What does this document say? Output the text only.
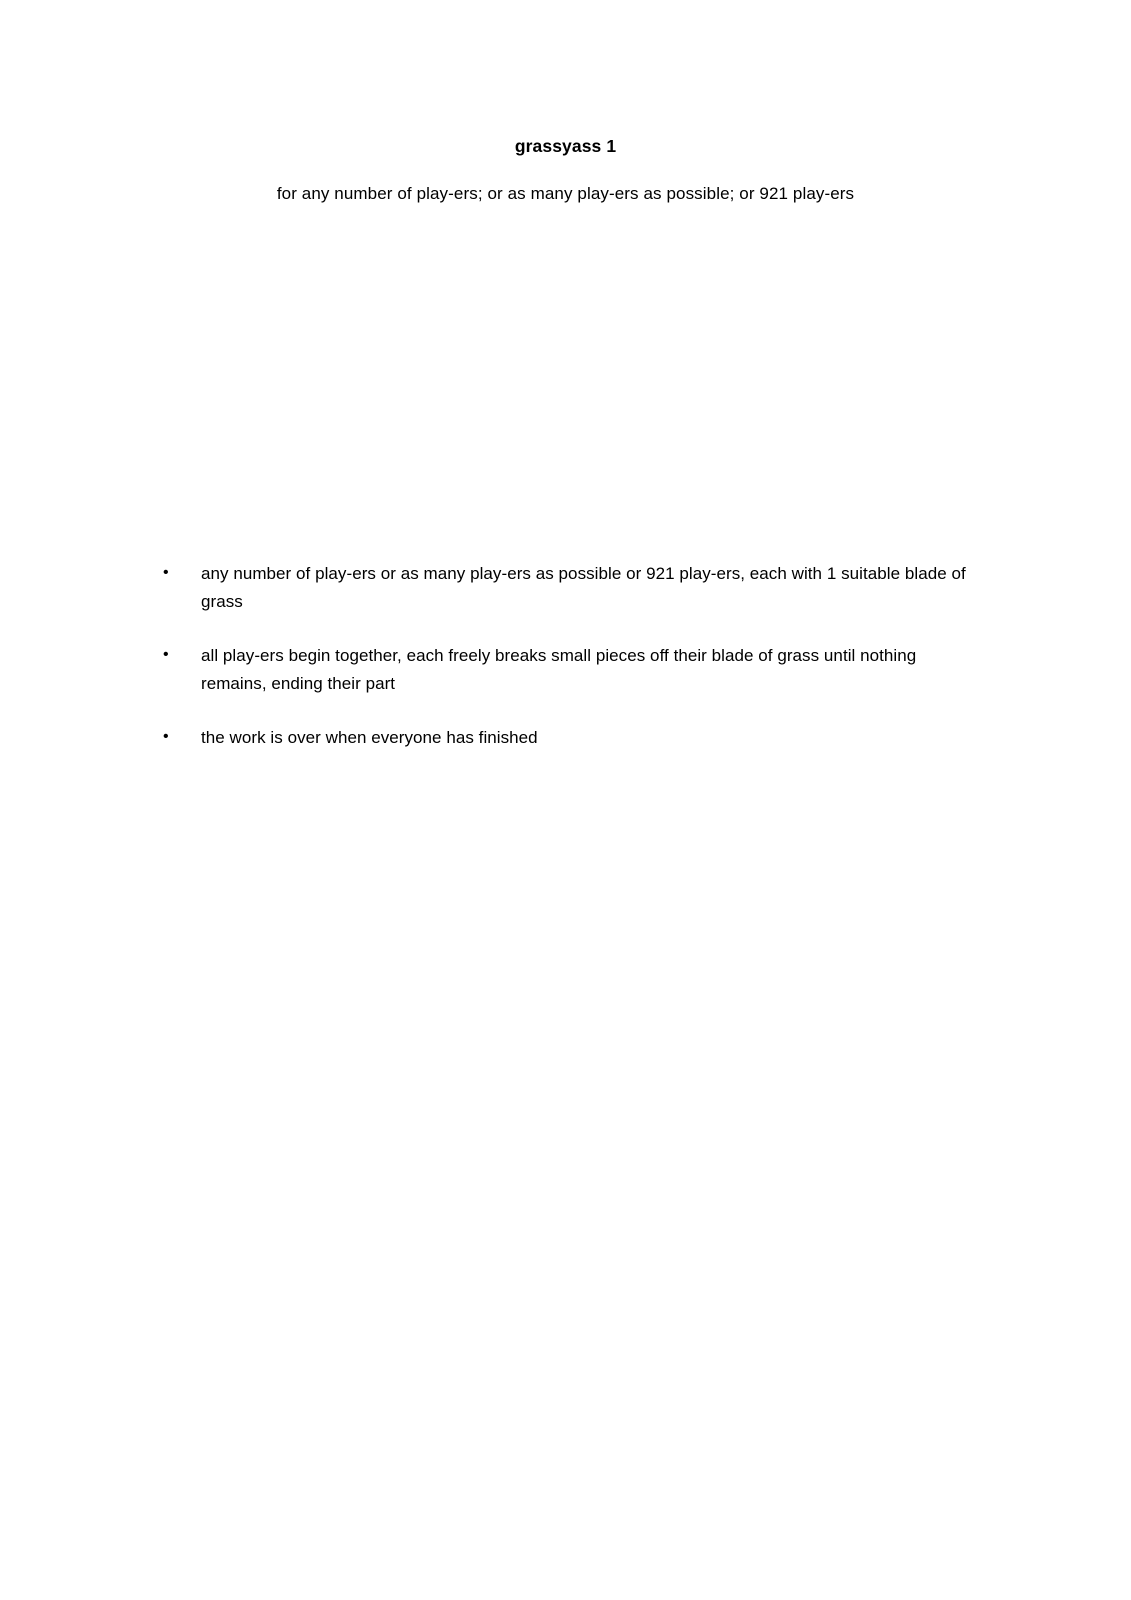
grassyass 1
for any number of play-ers; or as many play-ers as possible; or 921 play-ers
• any number of play-ers or as many play-ers as possible or 921 play-ers, each with 1 suitable blade of grass
• all play-ers begin together, each freely breaks small pieces off their blade of grass until nothing remains, ending their part
• the work is over when everyone has finished
